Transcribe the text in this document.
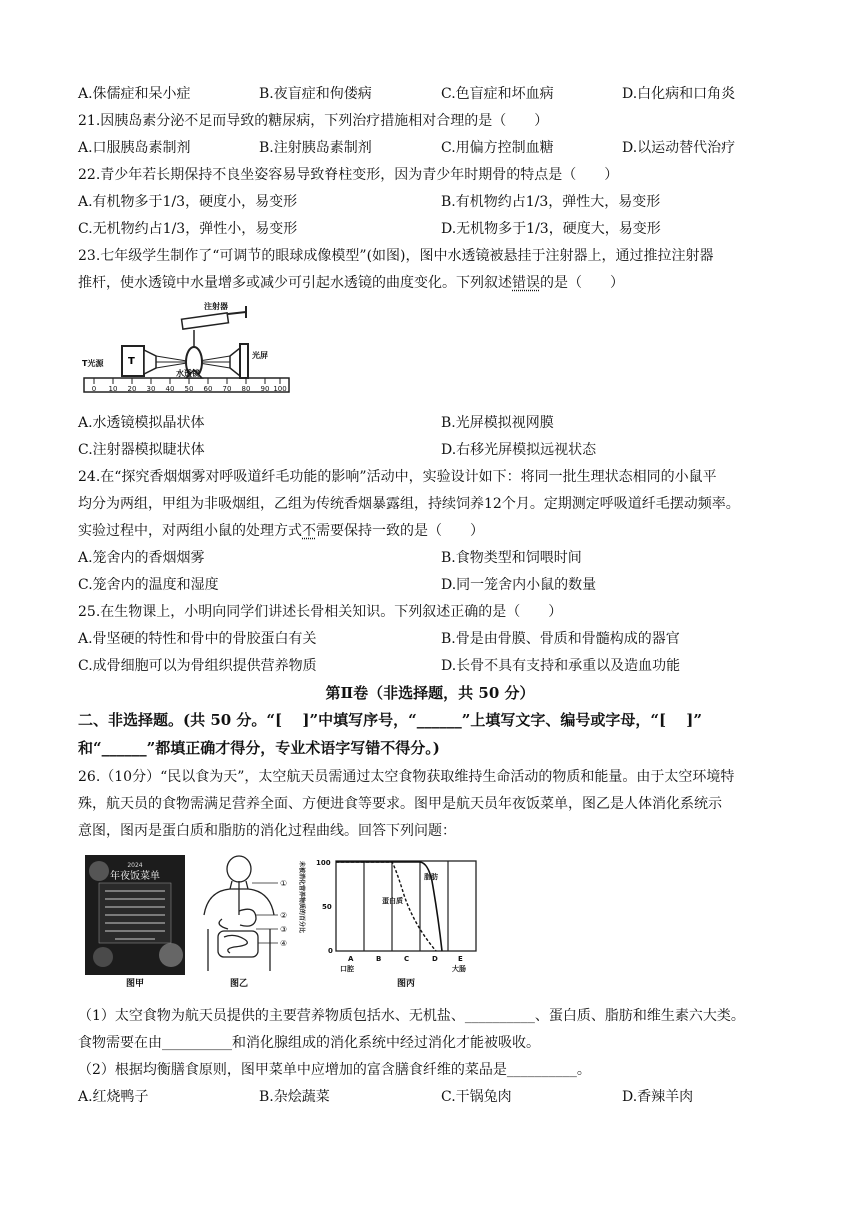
A.侏儒症和呆小症	B.夜盲症和佝偻病	C.色盲症和坏血病	D.白化病和口角炎
21.因胰岛素分泌不足而导致的糖尿病，下列治疗措施相对合理的是（　　）
A.口服胰岛素制剂	B.注射胰岛素制剂	C.用偏方控制血糖	D.以运动替代治疗
22.青少年若长期保持不良坐姿容易导致脊柱变形，因为青少年时期骨的特点是（　　）
A.有机物多于1/3，硬度小，易变形	B.有机物约占1/3，弹性大，易变形
C.无机物约占1/3，弹性小，易变形	D.无机物多于1/3，硬度大，易变形
23.七年级学生制作了“可调节的眼球成像模型”(如图)，图中水透镜被悬挂于注射器上，通过推拉注射器
推杆，使水透镜中水量增多或减少可引起水透镜的曲度变化。下列叙述错误的是（　　）
0 10 20 30 40 50 60 70 80 90 100
T
注射器
T光源
光屏
水透镜
A.水透镜模拟晶状体	B.光屏模拟视网膜
C.注射器模拟睫状体	D.右移光屏模拟远视状态
24.在“探究香烟烟雾对呼吸道纤毛功能的影响”活动中，实验设计如下：将同一批生理状态相同的小鼠平
均分为两组，甲组为非吸烟组，乙组为传统香烟暴露组，持续饲养12个月。定期测定呼吸道纤毛摆动频率。
实验过程中，对两组小鼠的处理方式不需要保持一致的是（　　）
A.笼舍内的香烟烟雾	B.食物类型和饲喂时间
C.笼舍内的温度和湿度	D.同一笼舍内小鼠的数量
25.在生物课上，小明向同学们讲述长骨相关知识。下列叙述正确的是（　　）
A.骨坚硬的特性和骨中的骨胶蛋白有关	B.骨是由骨膜、骨质和骨髓构成的器官
C.成骨细胞可以为骨组织提供营养物质	D.长骨不具有支持和承重以及造血功能
第Ⅱ卷（非选择题，共 50 分）
二、非选择题。(共 50 分。“[　 ]”中填写序号，“______”上填写文字、编号或字母，“[　 ]”
和“______”都填正确才得分，专业术语字写错不得分。)
26.（10分）“民以食为天”，太空航天员需通过太空食物获取维持生命活动的物质和能量。由于太空环境特
殊，航天员的食物需满足营养全面、方便进食等要求。图甲是航天员年夜饭菜单，图乙是人体消化系统示
意图，图丙是蛋白质和脂肪的消化过程曲线。回答下列问题：
2024
年夜饭菜单
图甲
①
②
③
④
图乙
未被消化营养物质的百分比 100
50
0
蛋白质
脂肪
A	B	C	D	E
口腔	大肠
图丙
（1）太空食物为航天员提供的主要营养物质包括水、无机盐、__________、蛋白质、脂肪和维生素六大类。
食物需要在由__________和消化腺组成的消化系统中经过消化才能被吸收。
（2）根据均衡膳食原则，图甲菜单中应增加的富含膳食纤维的菜品是__________。
A.红烧鸭子	B.杂烩蔬菜	C.干锅兔肉	D.香辣羊肉
